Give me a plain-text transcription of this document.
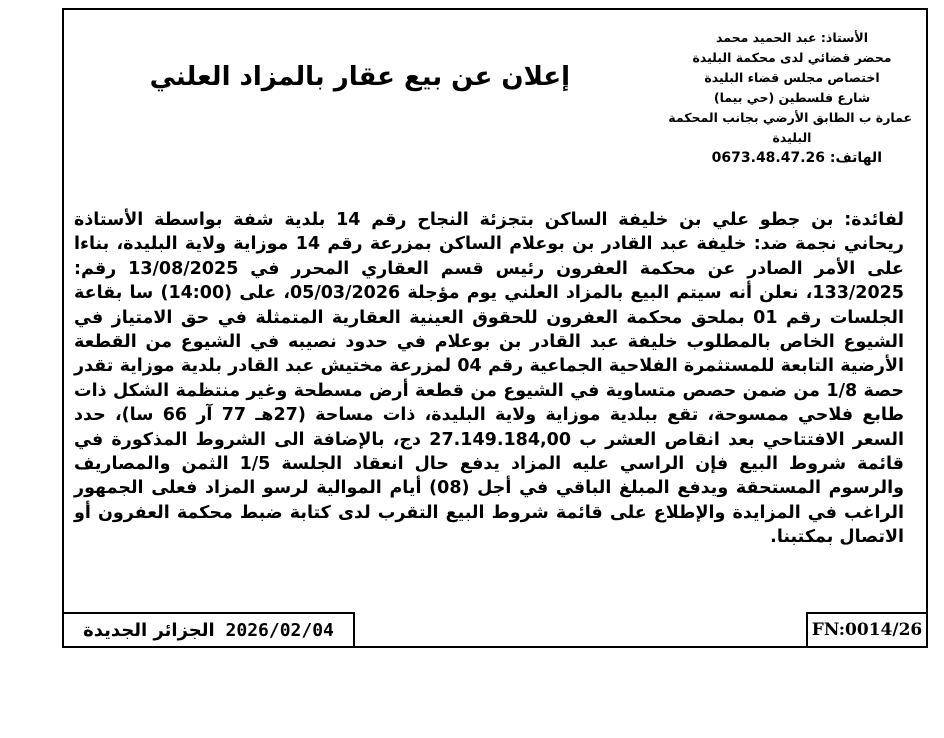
الأستاذ: عبد الحميد محمد
محضر قضائي لدى محكمة البليدة
اختصاص مجلس قضاء البليدة
شارع فلسطين (حي بيما)
عمارة ب الطابق الأرضي بجانب المحكمة
البليدة
الهاتف: 0673.48.47.26
إعلان عن بيع عقار بالمزاد العلني
لفائدة: بن جطو علي بن خليفة الساكن بتجزئة النجاح رقم 14 بلدية شفة بواسطة الأستاذة ريحاني نجمة ضد: خليفة عبد القادر بن بوعلام الساكن بمزرعة رقم 14 موزاية ولاية البليدة، بناءا على الأمر الصادر عن محكمة العفرون رئيس قسم العقاري المحرر في 13/08/2025 رقم: 133/2025، نعلن أنه سيتم البيع بالمزاد العلني يوم مؤجلة 05/03/2026، على (14:00) سا بقاعة الجلسات رقم 01 بملحق محكمة العفرون للحقوق العينية العقارية المتمثلة في حق الامتياز في الشيوع الخاص بالمطلوب خليفة عبد القادر بن بوعلام في حدود نصيبه في الشيوع من القطعة الأرضية التابعة للمستثمرة الفلاحية الجماعية رقم 04 لمزرعة مختيش عبد القادر بلدية موزاية تقدر حصة 1/8 من ضمن حصص متساوية في الشيوع من قطعة أرض مسطحة وغير منتظمة الشكل ذات طابع فلاحي ممسوحة، تقع ببلدية موزاية ولاية البليدة، ذات مساحة (27هـ 77 آر 66 سا)، حدد السعر الافتتاحي بعد انقاص العشر ب 27.149.184,00 دج، بالإضافة الى الشروط المذكورة في قائمة شروط البيع فإن الراسي عليه المزاد يدفع حال انعقاد الجلسة 1/5 الثمن والمصاريف والرسوم المستحقة ويدفع المبلغ الباقي في أجل (08) أيام الموالية لرسو المزاد فعلى الجمهور الراغب في المزايدة والإطلاع على قائمة شروط البيع التقرب لدى كتابة ضبط محكمة العفرون أو الاتصال بمكتبنا.
الجزائر الجديدة
2026/02/04	FN:0014/26
